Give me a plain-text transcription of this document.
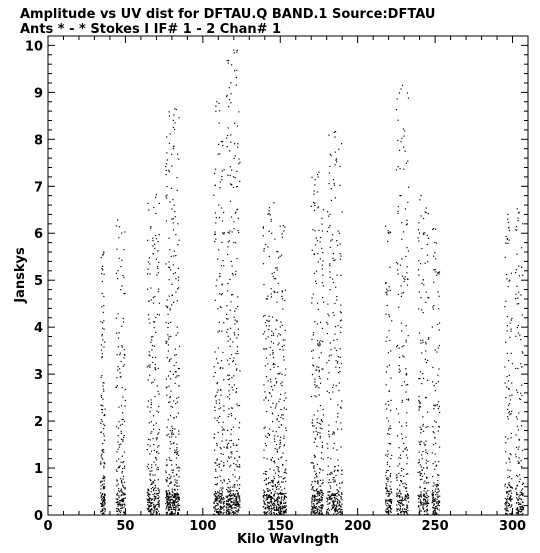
Amplitude vs UV dist for DFTAU.Q BAND.1 Source:DFTAU
Ants * - * Stokes I IF# 1 - 2 Chan# 1
0	50	100	150	200	250	300
0
1
2
3
4
5
6
7
8
9
10
Kilo Wavlngth
Janskys
